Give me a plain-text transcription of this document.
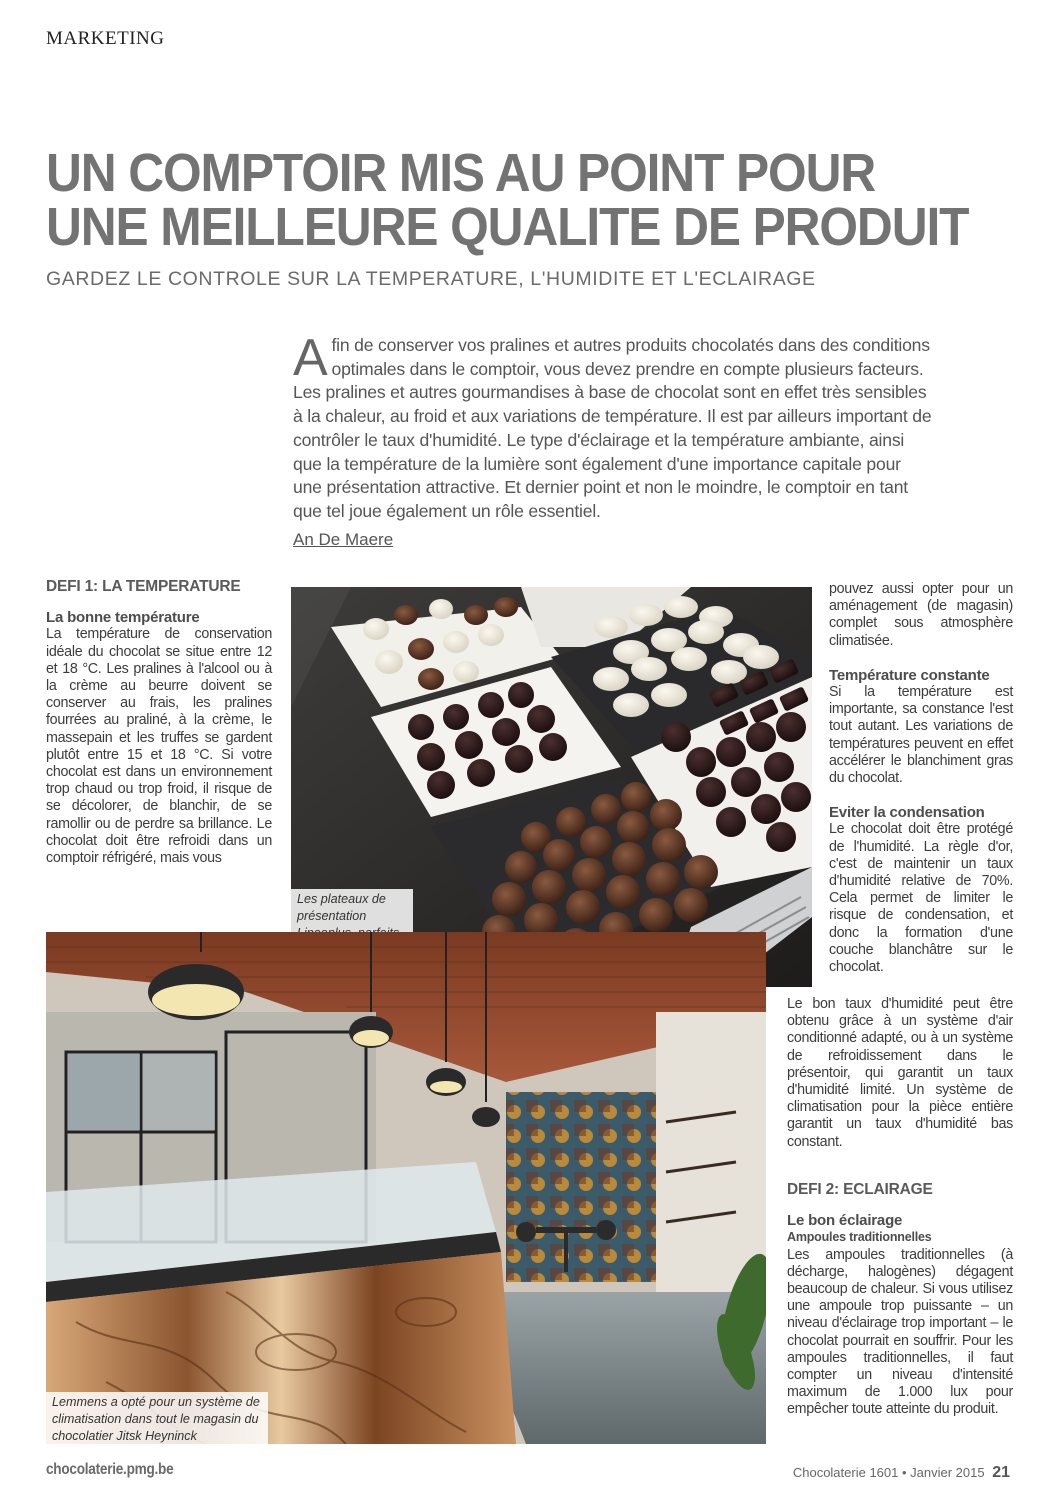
MARKETING
UN COMPTOIR MIS AU POINT POUR
UNE MEILLEURE QUALITE DE PRODUIT
GARDEZ LE CONTROLE SUR LA TEMPERATURE, L'HUMIDITE ET L'ECLAIRAGE
Afin de conserver vos pralines et autres produits chocolatés dans des conditions optimales dans le comptoir, vous devez prendre en compte plusieurs facteurs. Les pralines et autres gourmandises à base de chocolat sont en effet très sensibles à la chaleur, au froid et aux variations de température. Il est par ailleurs important de contrôler le taux d'humidité. Le type d'éclairage et la température ambiante, ainsi que la température de la lumière sont également d'une importance capitale pour une présentation attractive. Et dernier point et non le moindre, le comptoir en tant que tel joue également un rôle essentiel.
An De Maere
DEFI 1: LA TEMPERATURE
La bonne température

La température de conservation idéale du chocolat se situe entre 12 et 18 °C. Les pralines à l'alcool ou à la crème au beurre doivent se conserver au frais, les pralines fourrées au praliné, à la crème, le massepain et les truffes se gardent plutôt entre 15 et 18 °C. Si votre chocolat est dans un environnement trop chaud ou trop froid, il risque de se décolorer, de blanchir, de se ramollir ou de perdre sa brillance. Le chocolat doit être refroidi dans un comptoir réfrigéré, mais vous

Les plateaux de présentation

pouvez aussi opter pour un aménagement (de magasin) complet sous atmosphère climatisée.

Température constante

Si la température est importante, sa constance l'est tout autant. Les variations de températures peuvent en effet accélérer le blanchiment gras du chocolat.

Eviter la condensation

Le chocolat doit être protégé de l'humidité. La règle d'or, c'est de maintenir un taux d'humidité relative de 70%. Cela permet de limiter le risque de condensation, et donc la formation d'une couche blanchâtre sur le chocolat.

Lemmens a opté pour un système de climatisation dans tout le magasin du chocolatier Jitsk Heyninck

Le bon taux d'humidité peut être obtenu grâce à un système d'air conditionné adapté, ou à un système de refroidissement dans le présentoir, qui garantit un taux d'humidité limité. Un système de climatisation pour la pièce entière garantit un taux d'humidité bas constant.

DEFI 2: ECLAIRAGE
Le bon éclairage
Ampoules traditionnelles

Les ampoules traditionnelles (à décharge, halogènes) dégagent beaucoup de chaleur. Si vous utilisez une ampoule trop puissante – un niveau d'éclairage trop important – le chocolat pourrait en souffrir. Pour les ampoules traditionnelles, il faut compter un niveau d'intensité maximum de 1.000 lux pour empêcher toute atteinte du produit.

chocolaterie.pmg.be	Chocolaterie 1601 • Janvier 2015 21
